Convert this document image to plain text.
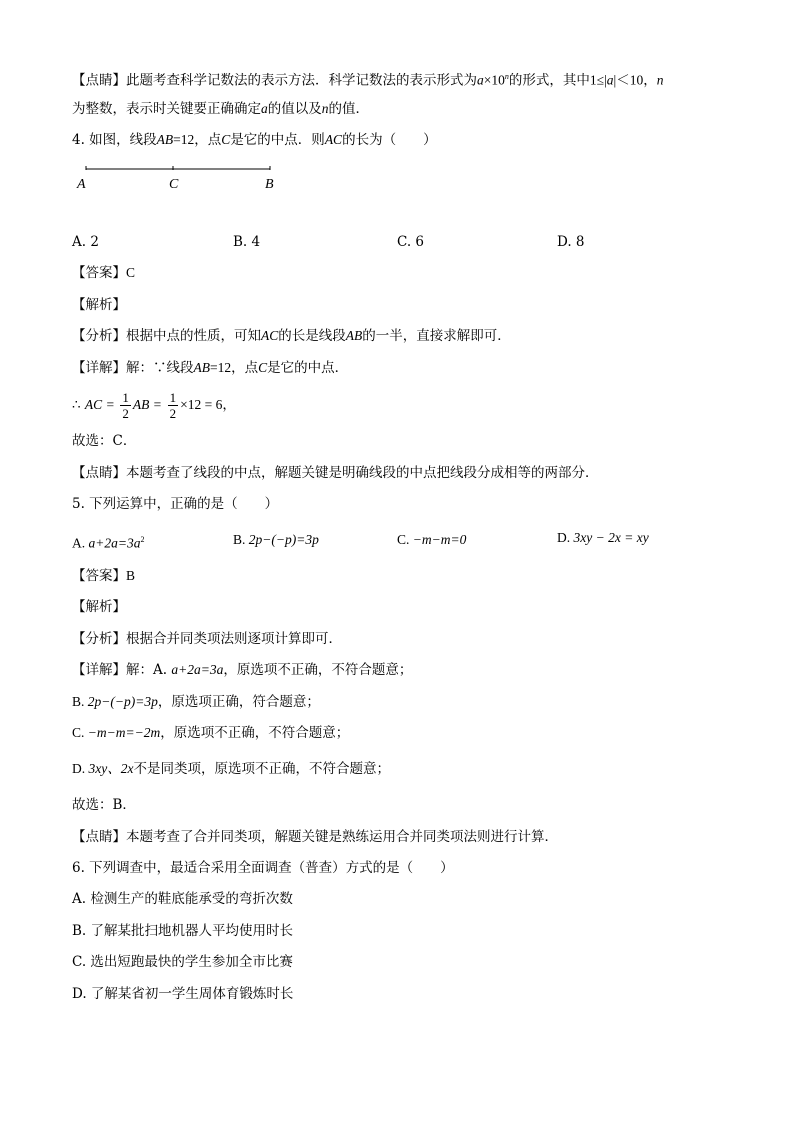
【点睛】此题考查科学记数法的表示方法．科学记数法的表示形式为$a\times 10^n$的形式，其中1≤|a|＜10，n
为整数，表示时关键要正确确定a的值以及n的值．
4. 如图，线段AB=12，点C是它的中点．则AC的长为（　　）
A	C	B
A. 2	B. 4	C. 6	D. 8
【答案】C
【解析】
【分析】根据中点的性质，可知AC的长是线段AB的一半，直接求解即可．
【详解】解：∵线段AB=12，点C是它的中点．
∴ AC = $\frac{1}{2}$ AB = $\frac{1}{2} \times 12 = 6$，
故选：C．
【点睛】本题考查了线段的中点，解题关键是明确线段的中点把线段分成相等的两部分．
5. 下列运算中，正确的是（　　）
A. $a+2a=3a^2$	B. 2p−(−p)=3p	C. −m−m=0	D. 3xy − 2x = xy
【答案】B
【解析】
【分析】根据合并同类项法则逐项计算即可．
【详解】解：A. a+2a=3a，原选项不正确，不符合题意；
B. 2p−(−p)=3p，原选项正确，符合题意；
C. −m−m=−2m，原选项不正确，不符合题意；
D. 3xy、2x不是同类项，原选项不正确，不符合题意；
故选：B．
【点睛】本题考查了合并同类项，解题关键是熟练运用合并同类项法则进行计算．
6. 下列调查中，最适合采用全面调查（普查）方式的是（　　）
A. 检测生产的鞋底能承受的弯折次数
B. 了解某批扫地机器人平均使用时长
C. 选出短跑最快的学生参加全市比赛
D. 了解某省初一学生周体育锻炼时长
